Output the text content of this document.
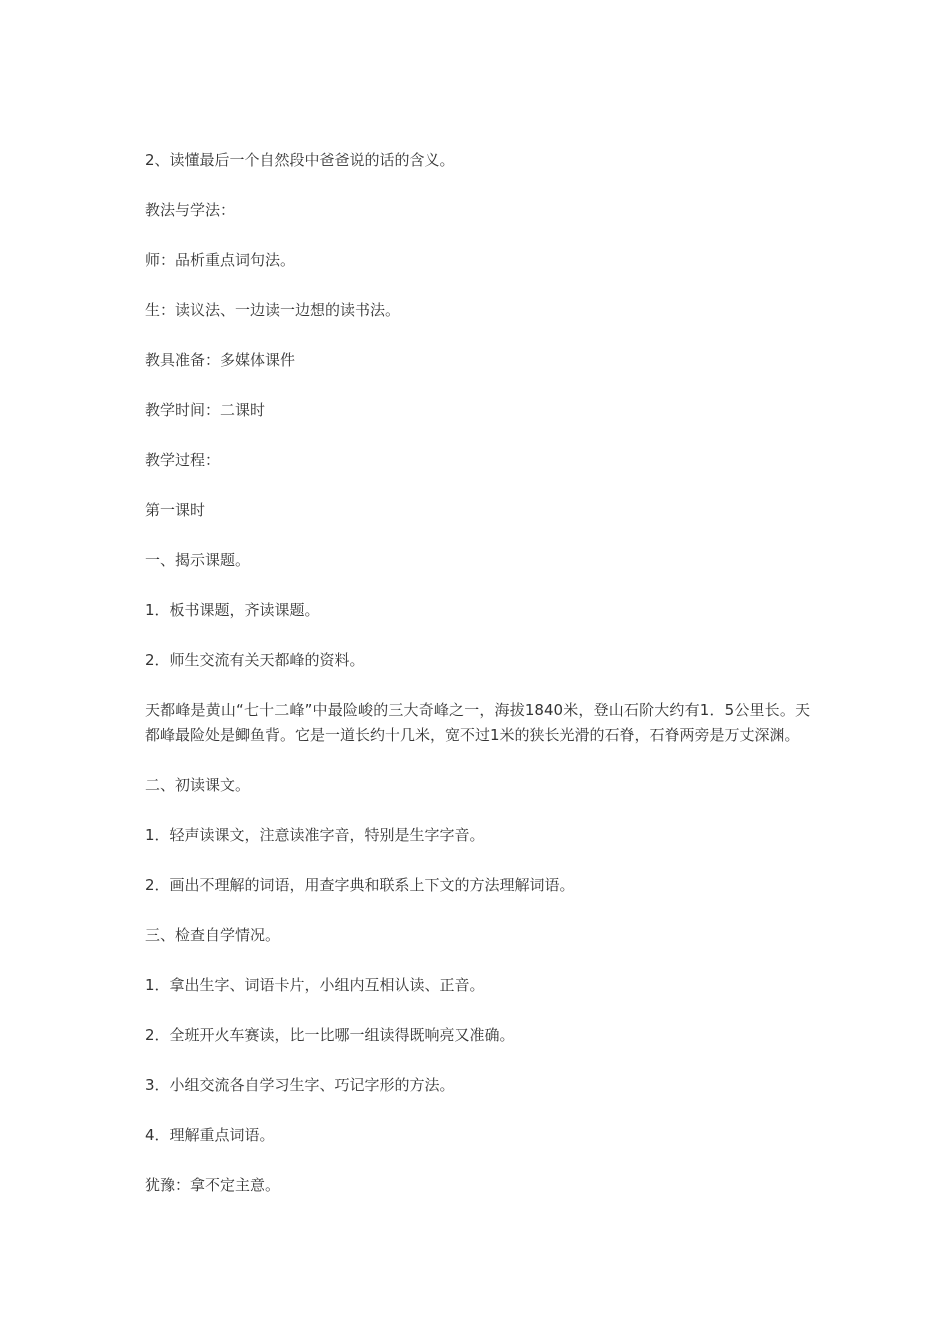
2、读懂最后一个自然段中爸爸说的话的含义。

教法与学法：

师：品析重点词句法。

生：读议法、一边读一边想的读书法。

教具准备：多媒体课件

教学时间：二课时

教学过程：

第一课时

一、揭示课题。

1．板书课题，齐读课题。

2．师生交流有关天都峰的资料。

天都峰是黄山“七十二峰”中最险峻的三大奇峰之一，海拔1840米，登山石阶大约有1．5公里长。天都峰最险处是鲫鱼背。它是一道长约十几米，宽不过1米的狭长光滑的石脊，石脊两旁是万丈深渊。

二、初读课文。

1．轻声读课文，注意读准字音，特别是生字字音。

2．画出不理解的词语，用查字典和联系上下文的方法理解词语。

三、检查自学情况。

1．拿出生字、词语卡片，小组内互相认读、正音。

2．全班开火车赛读，比一比哪一组读得既响亮又准确。

3．小组交流各自学习生字、巧记字形的方法。

4．理解重点词语。

犹豫：拿不定主意。
